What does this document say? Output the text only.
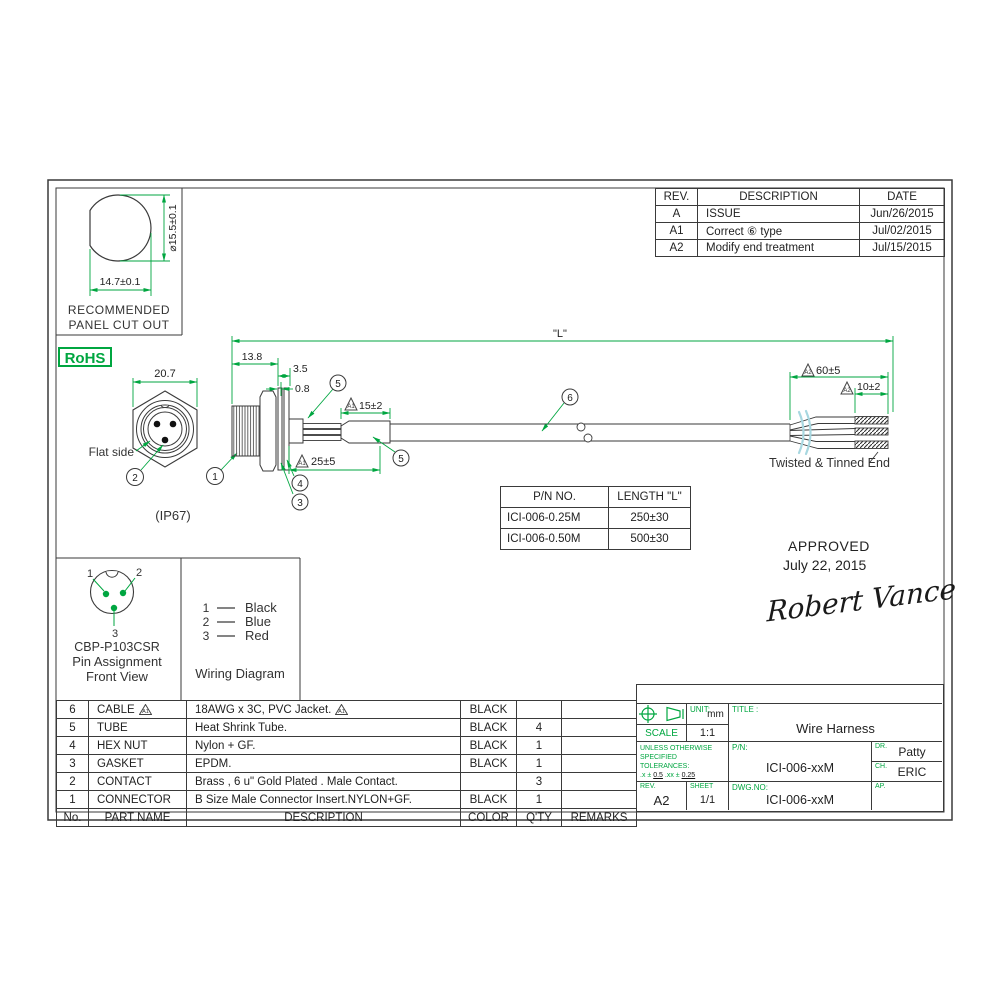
⌀15.5±0.1
14.7±0.1
RECOMMENDED
PANEL CUT OUT
20.7
Flat side
2	1
(IP67)
"L"
13.8
3.5
0.8
A1 15±2
A1 25±5
A2 60±5
A2 10±2
5
5
4
3
6
Twisted & Tinned End
1	2
3
CBP-P103CSR
Pin Assignment
Front View
1	Black
2	Blue
3	Red
Wiring Diagram
RoHS
REV.	DESCRIPTION	DATE
A	ISSUE	Jun/26/2015
A1	Correct ⑥ type	Jul/02/2015
A2	Modify end treatment	Jul/15/2015
P/N NO.	LENGTH "L"
ICI-006-0.25M	250±30
ICI-006-0.50M	500±30	APPROVED
July 22, 2015
Robert Vance
6	CABLE A1	18AWG x 3C, PVC Jacket. A1	BLACK		
5	TUBE	Heat Shrink Tube.	BLACK	4	
4	HEX NUT	Nylon + GF.	BLACK	1	
3	GASKET	EPDM.	BLACK	1	
2	CONTACT	Brass , 6 u" Gold Plated . Male Contact.		3	
1	CONNECTOR	B Size Male Connector Insert.NYLON+GF.	BLACK	1	
No.	PART NAME	DESCRIPTION	COLOR	Q'TY	REMARKS
UNIT:
mm
SCALE	1:1
UNLESS OTHERWISE
SPECIFIED TOLERANCES:
.x ± 0.5 .xx ± 0.25
REV.
A2
SHEET
1/1
TITLE :
Wire Harness
P/N:
ICI-006-xxM
DR. Patty
CH. ERIC
DWG.NO:
ICI-006-xxM
AP.
